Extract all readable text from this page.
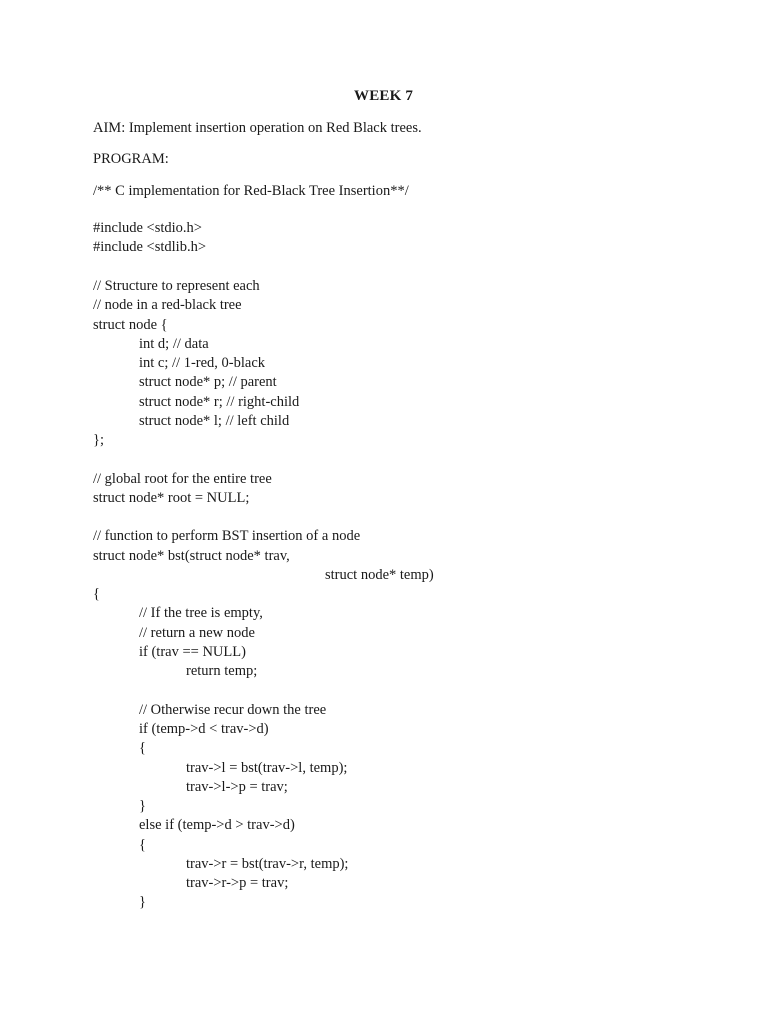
WEEK 7
AIM: Implement insertion operation on Red Black trees.
PROGRAM:
/** C implementation for Red-Black Tree Insertion**/
#include <stdio.h>
#include <stdlib.h>
// Structure to represent each
// node in a red-black tree
struct node {
int d; // data
int c; // 1-red, 0-black
struct node* p; // parent
struct node* r; // right-child
struct node* l; // left child
};
// global root for the entire tree
struct node* root = NULL;
// function to perform BST insertion of a node
struct node* bst(struct node* trav,
struct node* temp)
{
// If the tree is empty,
// return a new node
if (trav == NULL)
return temp;
// Otherwise recur down the tree
if (temp->d < trav->d)
{
trav->l = bst(trav->l, temp);
trav->l->p = trav;
}
else if (temp->d > trav->d)
{
trav->r = bst(trav->r, temp);
trav->r->p = trav;
}
